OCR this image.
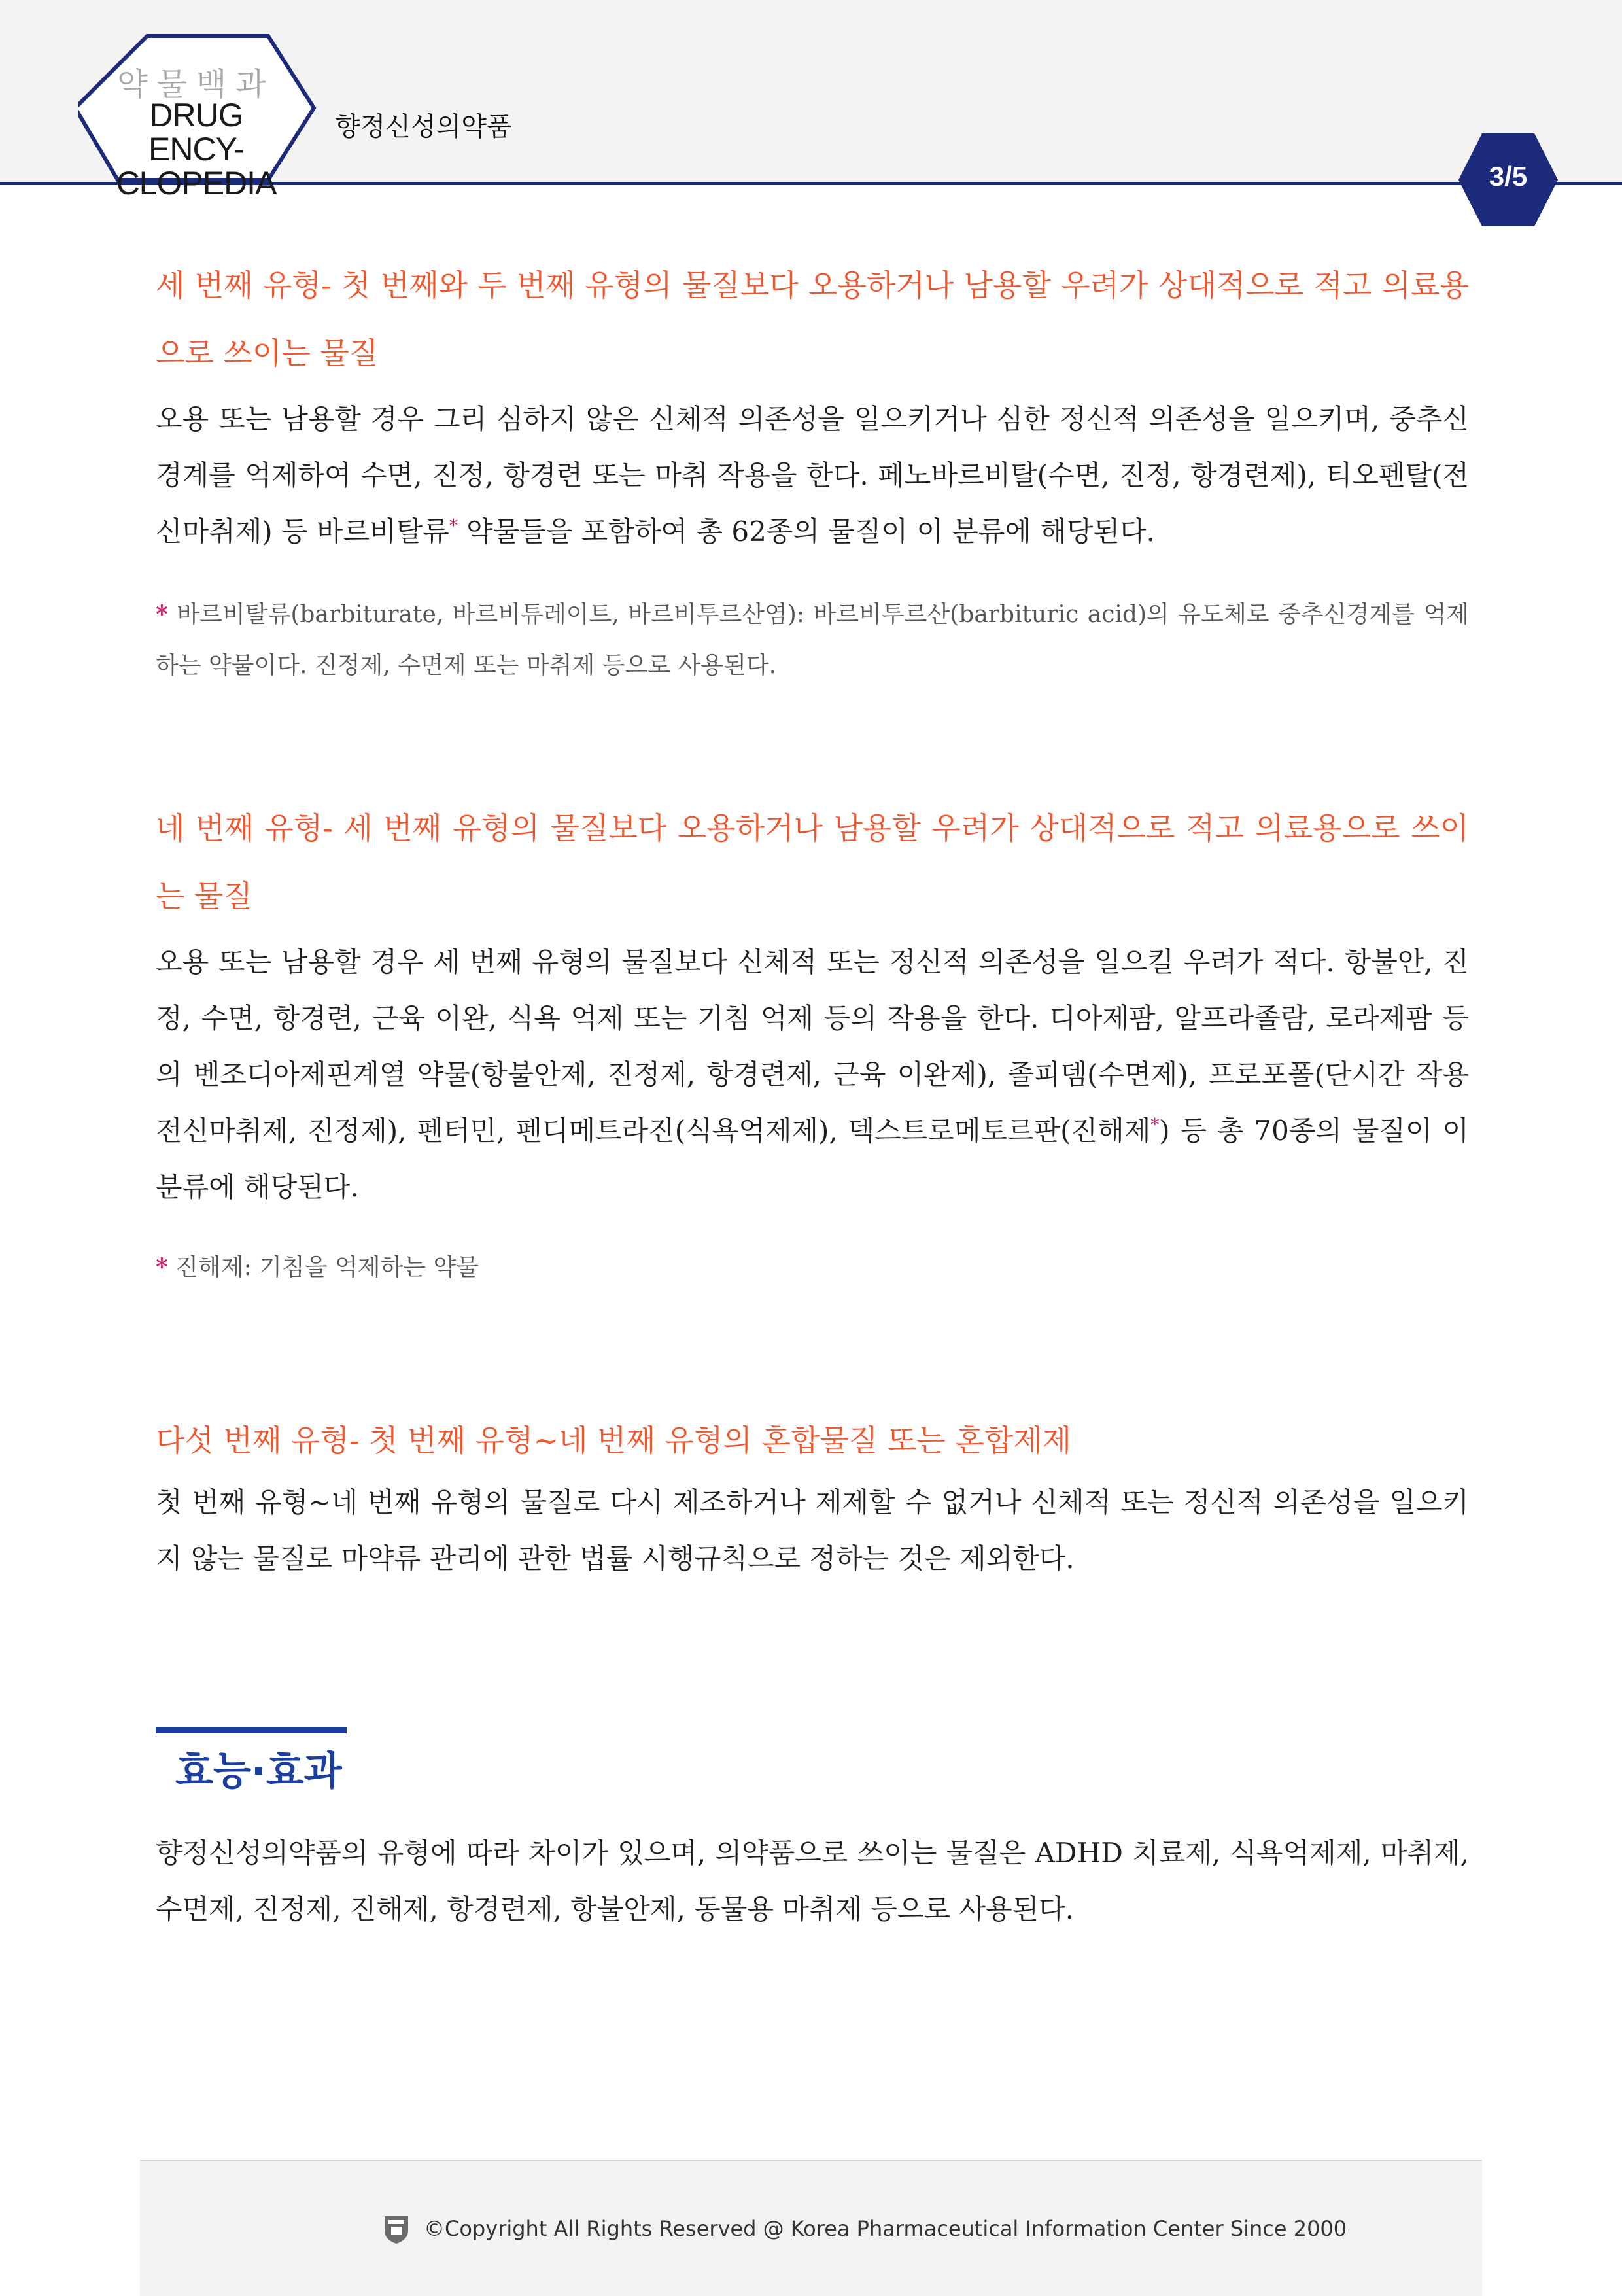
약물백과
DRUG ENCY-
CLOPEDIA
향정신성의약품
3/5

세 번째 유형- 첫 번째와 두 번째 유형의 물질보다 오용하거나 남용할 우려가 상대적으로 적고 의료용으로 쓰이는 물질

오용 또는 남용할 경우 그리 심하지 않은 신체적 의존성을 일으키거나 심한 정신적 의존성을 일으키며, 중추신경계를 억제하여 수면, 진정, 항경련 또는 마취 작용을 한다. 페노바르비탈(수면, 진정, 항경련제), 티오펜탈(전신마취제) 등 바르비탈류* 약물들을 포함하여 총 62종의 물질이 이 분류에 해당된다.

* 바르비탈류(barbiturate, 바르비튜레이트, 바르비투르산염): 바르비투르산(barbituric acid)의 유도체로 중추신경계를 억제하는 약물이다. 진정제, 수면제 또는 마취제 등으로 사용된다.

네 번째 유형- 세 번째 유형의 물질보다 오용하거나 남용할 우려가 상대적으로 적고 의료용으로 쓰이는 물질

오용 또는 남용할 경우 세 번째 유형의 물질보다 신체적 또는 정신적 의존성을 일으킬 우려가 적다. 항불안, 진정, 수면, 항경련, 근육 이완, 식욕 억제 또는 기침 억제 등의 작용을 한다. 디아제팜, 알프라졸람, 로라제팜 등의 벤조디아제핀계열 약물(항불안제, 진정제, 항경련제, 근육 이완제), 졸피뎀(수면제), 프로포폴(단시간 작용 전신마취제, 진정제), 펜터민, 펜디메트라진(식욕억제제), 덱스트로메토르판(진해제*) 등 총 70종의 물질이 이 분류에 해당된다.

* 진해제: 기침을 억제하는 약물

다섯 번째 유형- 첫 번째 유형~네 번째 유형의 혼합물질 또는 혼합제제

첫 번째 유형~네 번째 유형의 물질로 다시 제조하거나 제제할 수 없거나 신체적 또는 정신적 의존성을 일으키지 않는 물질로 마약류 관리에 관한 법률 시행규칙으로 정하는 것은 제외한다.

효능·효과

향정신성의약품의 유형에 따라 차이가 있으며, 의약품으로 쓰이는 물질은 ADHD 치료제, 식욕억제제, 마취제, 수면제, 진정제, 진해제, 항경련제, 항불안제, 동물용 마취제 등으로 사용된다.

©Copyright All Rights Reserved @ Korea Pharmaceutical Information Center Since 2000
